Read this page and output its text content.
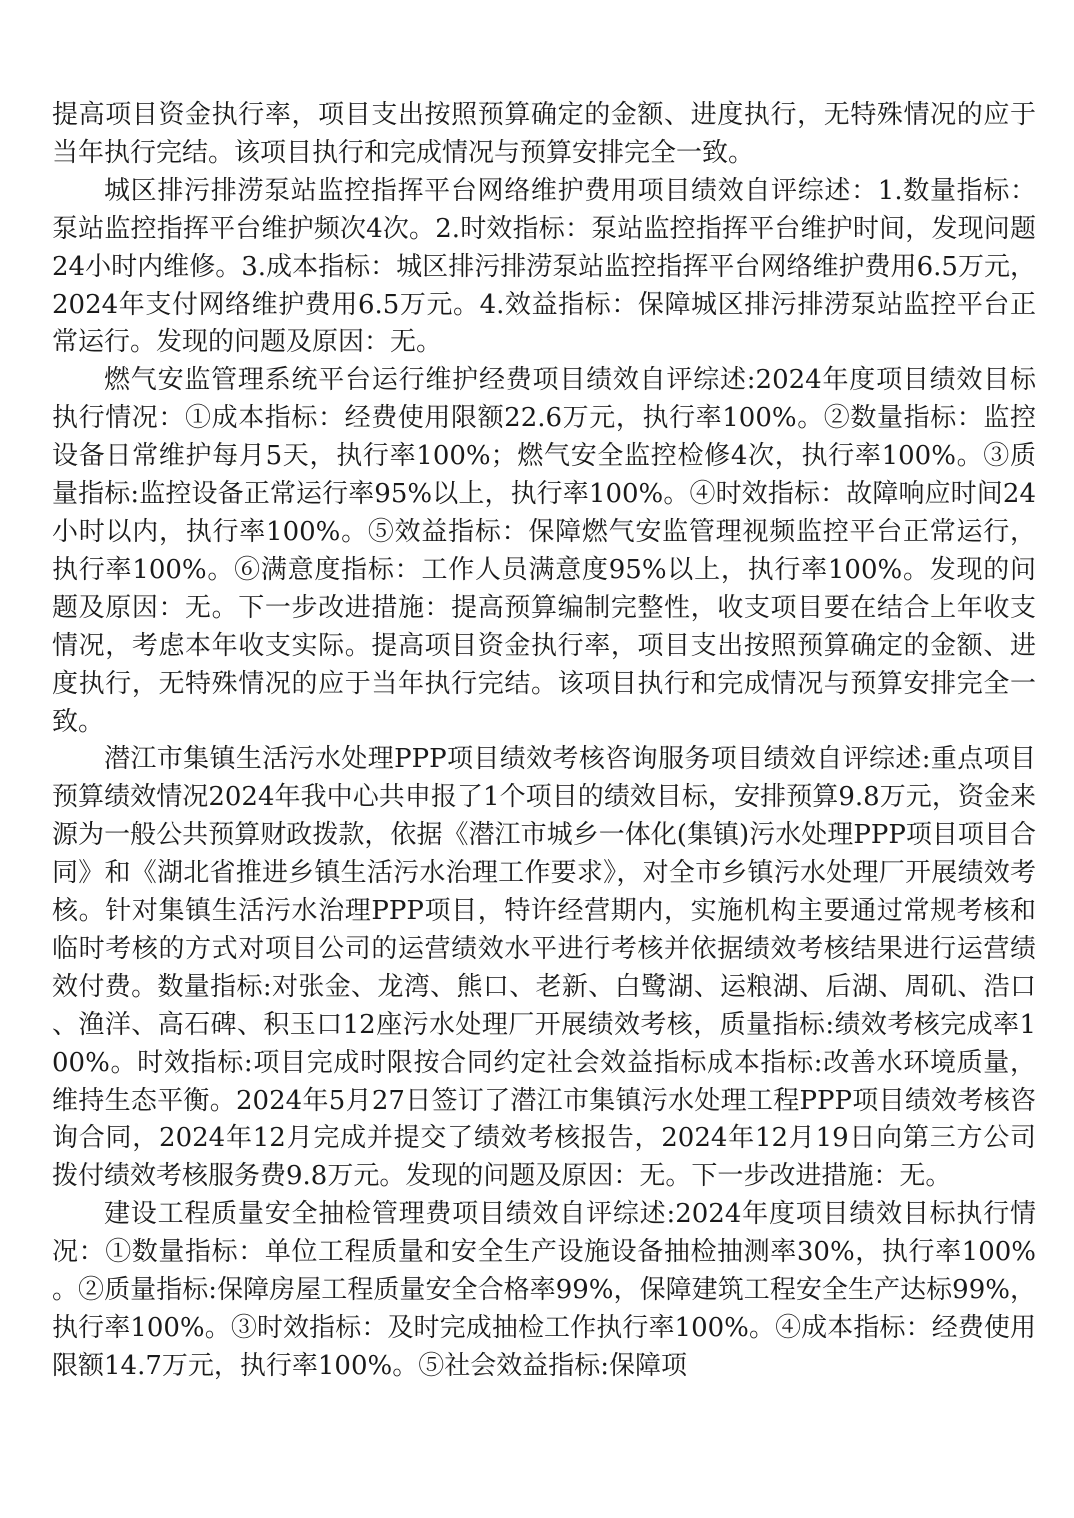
提高项目资金执行率，项目支出按照预算确定的金额、进度执行，无特殊情况的应于当年执行完结。该项目执行和完成情况与预算安排完全一致。

城区排污排涝泵站监控指挥平台网络维护费用项目绩效自评综述：1.数量指标：泵站监控指挥平台维护频次4次。2.时效指标：泵站监控指挥平台维护时间，发现问题24小时内维修。3.成本指标：城区排污排涝泵站监控指挥平台网络维护费用6.5万元，2024年支付网络维护费用6.5万元。4.效益指标：保障城区排污排涝泵站监控平台正常运行。发现的问题及原因：无。

燃气安监管理系统平台运行维护经费项目绩效自评综述:2024年度项目绩效目标执行情况：①成本指标：经费使用限额22.6万元，执行率100%。②数量指标：监控设备日常维护每月5天，执行率100%；燃气安全监控检修4次，执行率100%。③质量指标:监控设备正常运行率95%以上，执行率100%。④时效指标：故障响应时间24小时以内，执行率100%。⑤效益指标：保障燃气安监管理视频监控平台正常运行，执行率100%。⑥满意度指标：工作人员满意度95%以上，执行率100%。发现的问题及原因：无。下一步改进措施：提高预算编制完整性，收支项目要在结合上年收支情况，考虑本年收支实际。提高项目资金执行率，项目支出按照预算确定的金额、进度执行，无特殊情况的应于当年执行完结。该项目执行和完成情况与预算安排完全一致。

潜江市集镇生活污水处理PPP项目绩效考核咨询服务项目绩效自评综述:重点项目预算绩效情况2024年我中心共申报了1个项目的绩效目标，安排预算9.8万元，资金来源为一般公共预算财政拨款，依据《潜江市城乡一体化(集镇)污水处理PPP项目项目合同》和《湖北省推进乡镇生活污水治理工作要求》，对全市乡镇污水处理厂开展绩效考核。针对集镇生活污水治理PPP项目，特许经营期内，实施机构主要通过常规考核和临时考核的方式对项目公司的运营绩效水平进行考核并依据绩效考核结果进行运营绩效付费。数量指标:对张金、龙湾、熊口、老新、白鹭湖、运粮湖、后湖、周矶、浩口、渔洋、高石碑、积玉口12座污水处理厂开展绩效考核，质量指标:绩效考核完成率100%。时效指标:项目完成时限按合同约定社会效益指标成本指标:改善水环境质量，维持生态平衡。2024年5月27日签订了潜江市集镇污水处理工程PPP项目绩效考核咨询合同，2024年12月完成并提交了绩效考核报告，2024年12月19日向第三方公司拨付绩效考核服务费9.8万元。发现的问题及原因：无。下一步改进措施：无。

建设工程质量安全抽检管理费项目绩效自评综述:2024年度项目绩效目标执行情况：①数量指标：单位工程质量和安全生产设施设备抽检抽测率30%，执行率100%。②质量指标:保障房屋工程质量安全合格率99%，保障建筑工程安全生产达标99%，执行率100%。③时效指标：及时完成抽检工作执行率100%。④成本指标：经费使用限额14.7万元，执行率100%。⑤社会效益指标:保障项
